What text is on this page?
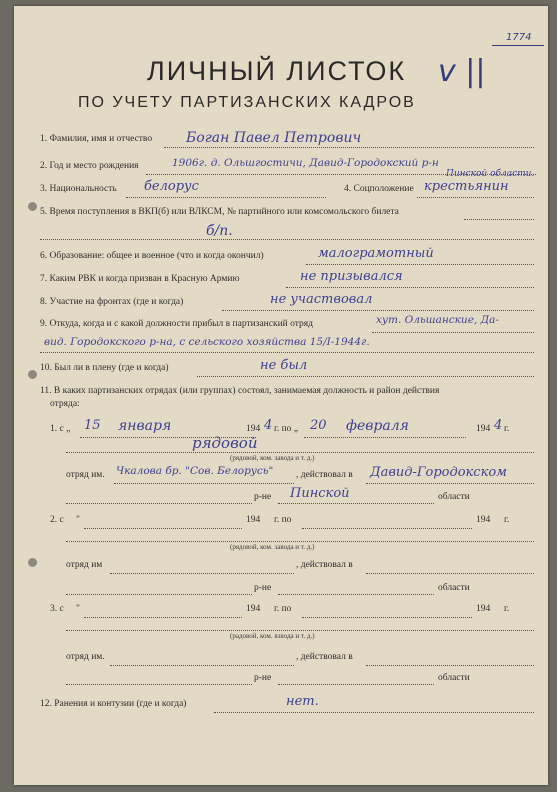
1774
v ||
ЛИЧНЫЙ ЛИСТОК
ПО УЧЕТУ ПАРТИЗАНСКИХ КАДРОВ
1. Фамилия, имя и отчество Боган Павел Петрович
2. Год и место рождения	1906г. д. Ольшгостичи, Давид-Городокский р-н
Пинской области.
3. Национальность белорус	4. Соцположение крестьянин
5. Время поступления в ВКП(б) или ВЛКСМ, № партийного или комсомольского билета
б/п.
6. Образование: общее и военное (что и когда окончил)	малограмотный
7. Каким РВК и когда призван в Красную Армию	не призывался
8. Участие на фронтах (где и когда)	не участвовал
9. Откуда, когда и с какой должности прибыл в партизанский отряд	хут. Ольшанские, Да-
вид. Городокского р-на, с сельского хозяйства 15/I-1944г.
10. Был ли в плену (где и когда)	не был
11. В каких партизанских отрядах (или группах) состоял, занимаемая должность и район действия
отряда:
1. с „ 15 января	194 4 г. по „ 20 февраля	194 4 г.
рядовой
(рядовой, ком. завода и т. д.)
отряд им. Чкалова бр. "Сов. Белорусь" , действовал в Давид-Городокском
р-не Пинской	области
2. с "	194 г. по	194 г.
(рядовой, ком. завода и т. д.)
отряд им	, действовал в
р-не	области
3. с "	194 г. по	194 г.
(радовой, ком. взвода и т. д.)
отряд им.	, действовал в
р-не	области
12. Ранения и контузии (где и когда)	нет.
